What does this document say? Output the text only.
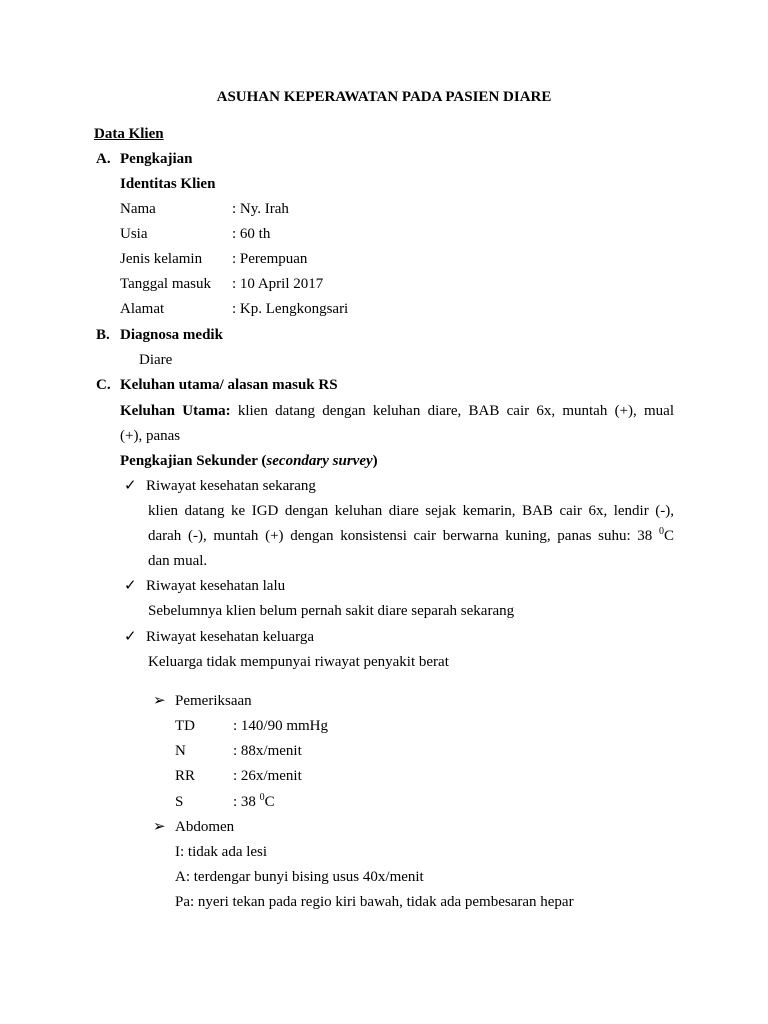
ASUHAN KEPERAWATAN PADA PASIEN DIARE
Data Klien
A. Pengkajian
Identitas Klien
Nama	: Ny. Irah
Usia	: 60 th
Jenis kelamin : Perempuan
Tanggal masuk : 10 April 2017
Alamat	: Kp. Lengkongsari
B. Diagnosa medik
Diare
C. Keluhan utama/ alasan masuk RS
Keluhan Utama: klien datang dengan keluhan diare, BAB cair 6x, muntah (+), mual
(+), panas
Pengkajian Sekunder (secondary survey)
✓ Riwayat kesehatan sekarang
klien datang ke IGD dengan keluhan diare sejak kemarin, BAB cair 6x, lendir (-),
darah (-), muntah (+) dengan konsistensi cair berwarna kuning, panas suhu: 38 $^0$C
dan mual.
✓ Riwayat kesehatan lalu
Sebelumnya klien belum pernah sakit diare separah sekarang
✓ Riwayat kesehatan keluarga
Keluarga tidak mempunyai riwayat penyakit berat
➢ Pemeriksaan
TD	: 140/90 mmHg
N	: 88x/menit
RR	: 26x/menit
S	: 38 $^0$C
➢ Abdomen
I: tidak ada lesi
A: terdengar bunyi bising usus 40x/menit
Pa: nyeri tekan pada regio kiri bawah, tidak ada pembesaran hepar
